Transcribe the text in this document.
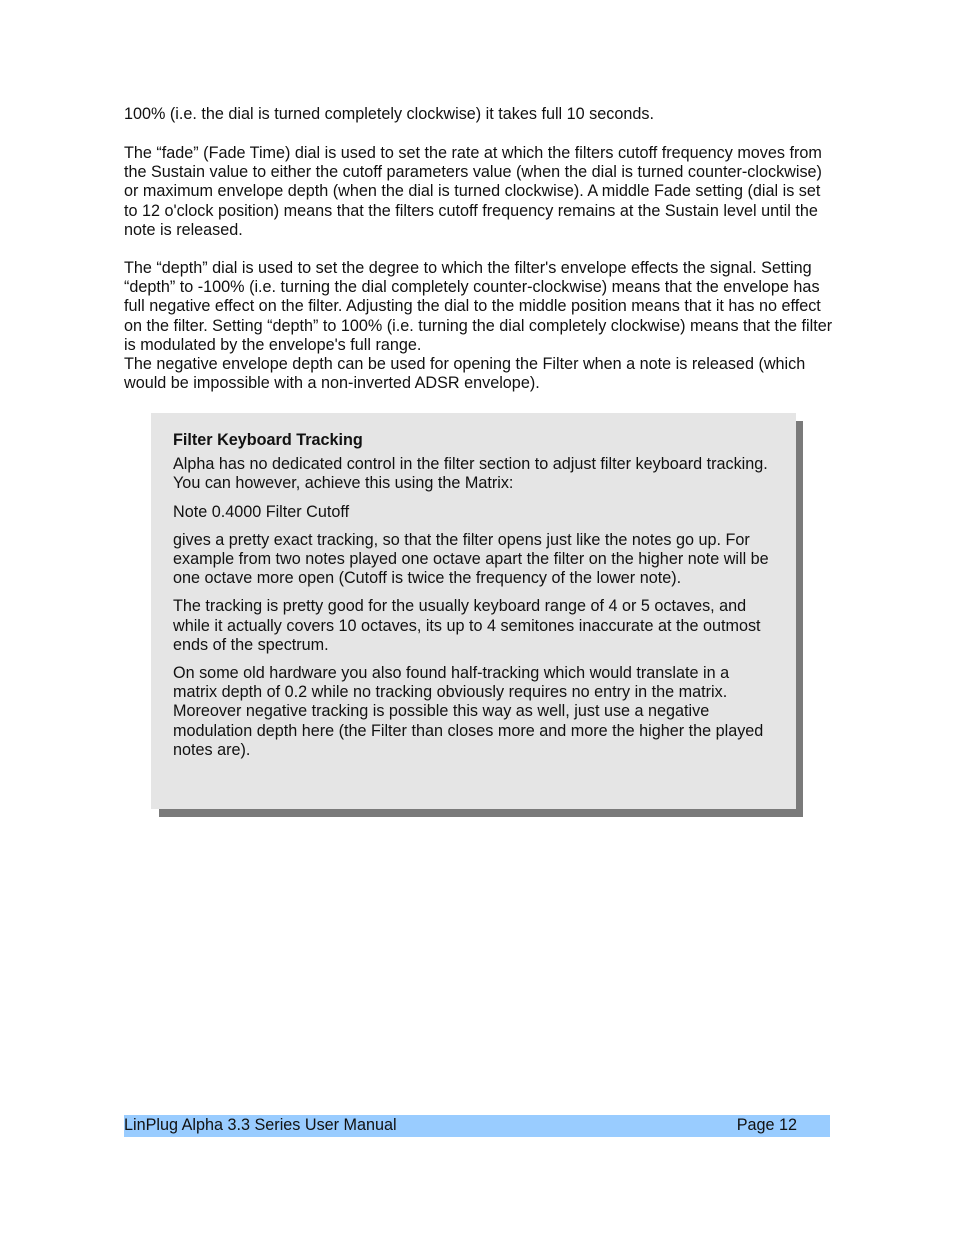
100% (i.e. the dial is turned completely clockwise) it takes full 10 seconds.

The “fade” (Fade Time) dial is used to set the rate at which the filters cutoff frequency moves from the Sustain value to either the cutoff parameters value (when the dial is turned counter-clockwise) or maximum envelope depth (when the dial is turned clockwise). A middle Fade setting (dial is set to 12 o'clock position) means that the filters cutoff frequency remains at the Sustain level until the note is released.

The “depth” dial is used to set the degree to which the filter's envelope effects the signal. Setting “depth” to -100% (i.e. turning the dial completely counter-clockwise) means that the envelope has full negative effect on the filter. Adjusting the dial to the middle position means that it has no effect on the filter. Setting “depth” to 100% (i.e. turning the dial completely clockwise) means that the filter is modulated by the envelope's full range.

The negative envelope depth can be used for opening the Filter when a note is released (which would be impossible with a non-inverted ADSR envelope).

Filter Keyboard Tracking

Alpha has no dedicated control in the filter section to adjust filter keyboard tracking. You can however, achieve this using the Matrix:

Note 0.4000 Filter Cutoff

gives a pretty exact tracking, so that the filter opens just like the notes go up. For example from two notes played one octave apart the filter on the higher note will be one octave more open (Cutoff is twice the frequency of the lower note).

The tracking is pretty good for the usually keyboard range of 4 or 5 octaves, and while it actually covers 10 octaves, its up to 4 semitones inaccurate at the outmost ends of the spectrum.

On some old hardware you also found half-tracking which would translate in a matrix depth of 0.2 while no tracking obviously requires no entry in the matrix. Moreover negative tracking is possible this way as well, just use a negative modulation depth here (the Filter than closes more and more the higher the played notes are).

LinPlug Alpha 3.3 Series User Manual	Page 12
